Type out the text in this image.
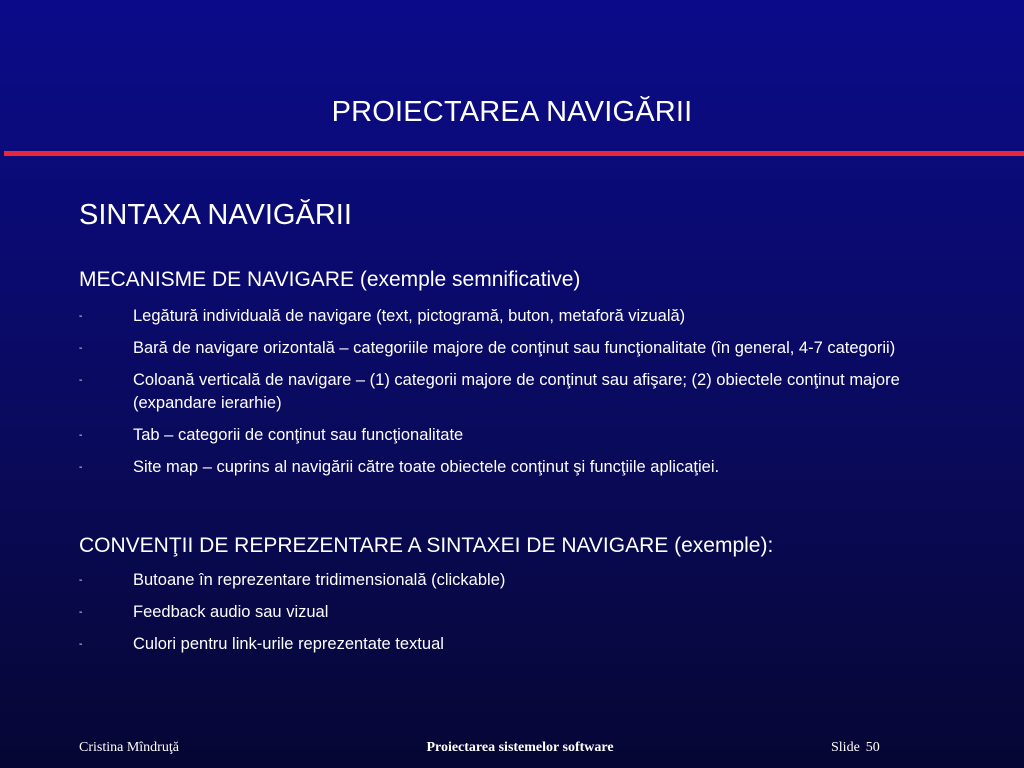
PROIECTAREA NAVIGĂRII
SINTAXA NAVIGĂRII
MECANISME DE NAVIGARE (exemple semnificative)
-	Legătură individuală de navigare (text, pictogramă, buton, metaforă vizuală)
-	Bară de navigare orizontală – categoriile majore de conţinut sau funcţionalitate (în general, 4-7 categorii)
-	Coloană verticală de navigare – (1) categorii majore de conţinut sau afişare; (2) obiectele conţinut majore (expandare ierarhie)
-	Tab – categorii de conţinut sau funcţionalitate
-	Site map – cuprins al navigării către toate obiectele conţinut şi funcţiile aplicaţiei.
CONVENŢII DE REPREZENTARE A SINTAXEI DE NAVIGARE (exemple):
-	Butoane în reprezentare tridimensională (clickable)
-	Feedback audio sau vizual
-	Culori pentru link-urile reprezentate textual
Cristina Mîndruţă	Proiectarea sistemelor software	Slide 50
